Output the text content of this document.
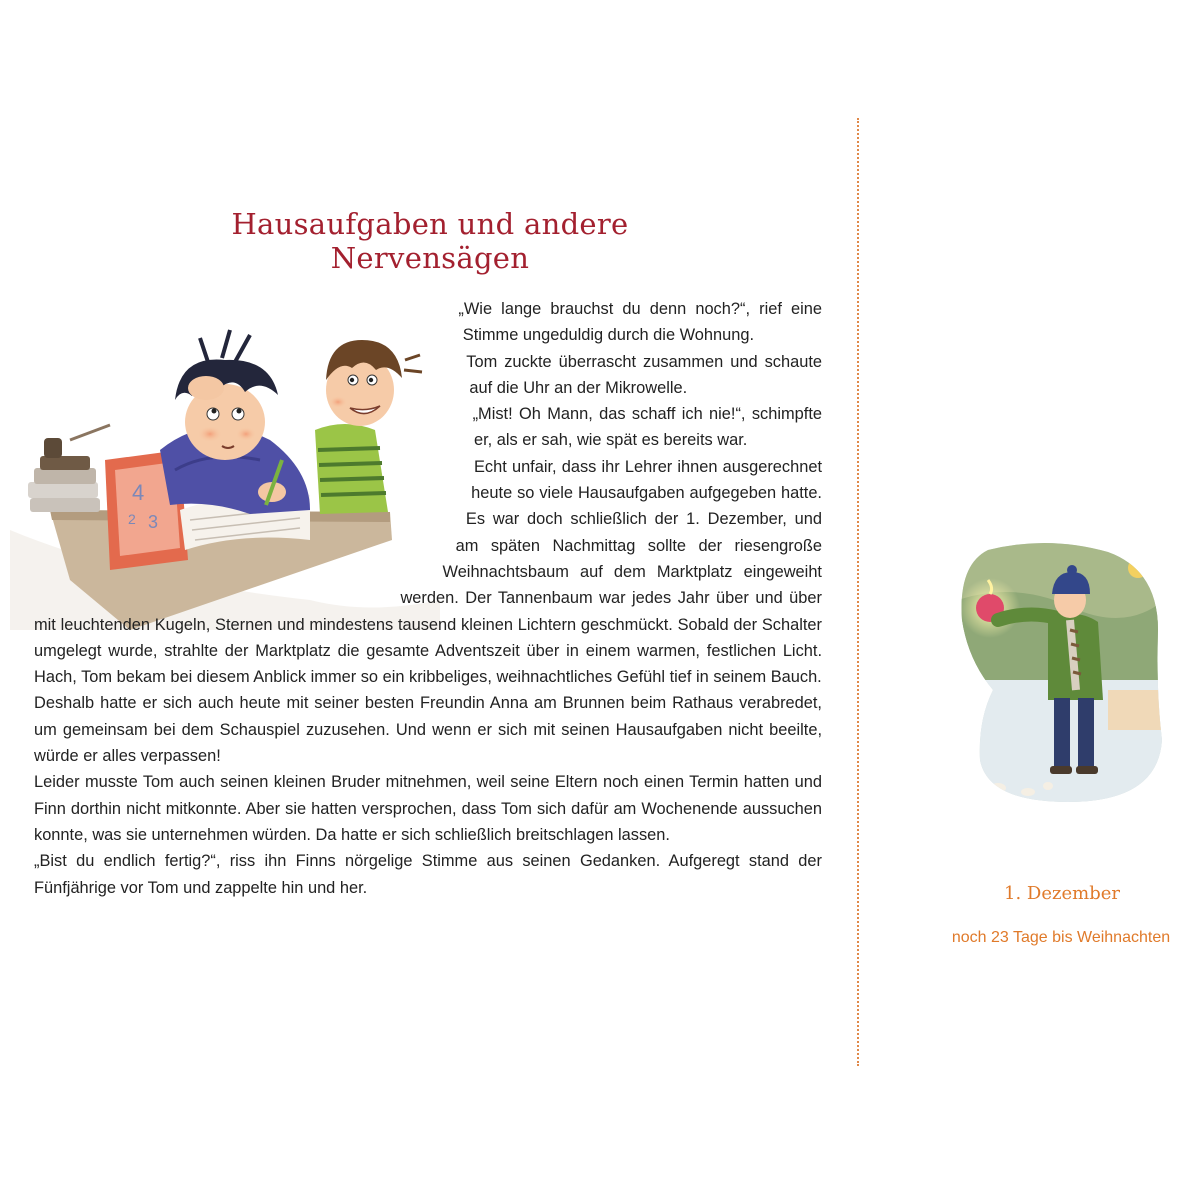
Hausaufgaben und andere Nervensägen
4
3
2

„Wie lange brauchst du denn noch?“, rief eine Stimme ungeduldig durch die Wohnung.

Tom zuckte überrascht zusammen und schaute auf die Uhr an der Mikrowelle.

„Mist! Oh Mann, das schaff ich nie!“, schimpfte er, als er sah, wie spät es bereits war.

Echt unfair, dass ihr Lehrer ihnen ausgerechnet heute so viele Hausaufgaben aufgegeben hatte. Es war doch schließlich der 1. Dezember, und am späten Nachmittag sollte der riesengroße Weihnachtsbaum auf dem Marktplatz eingeweiht werden. Der Tannenbaum war jedes Jahr über und über mit leuchtenden Kugeln, Sternen und mindestens tausend kleinen Lichtern geschmückt. Sobald der Schalter umgelegt wurde, strahlte der Marktplatz die gesamte Adventszeit über in einem warmen, festlichen Licht. Hach, Tom bekam bei diesem Anblick immer so ein kribbeliges, weihnachtliches Gefühl tief in seinem Bauch.

Deshalb hatte er sich auch heute mit seiner besten Freundin Anna am Brunnen beim Rathaus verabredet, um gemeinsam bei dem Schauspiel zuzusehen. Und wenn er sich mit seinen Hausaufgaben nicht beeilte, würde er alles verpassen!

Leider musste Tom auch seinen kleinen Bruder mitnehmen, weil seine Eltern noch einen Termin hatten und Finn dorthin nicht mitkonnte. Aber sie hatten versprochen, dass Tom sich dafür am Wochenende aussuchen konnte, was sie unternehmen würden. Da hatte er sich schließlich breitschlagen lassen.

„Bist du endlich fertig?“, riss ihn Finns nörgelige Stimme aus seinen Gedanken. Aufgeregt stand der Fünfjährige vor Tom und zappelte hin und her.	1. Dezember
noch 23 Tage bis Weihnachten
